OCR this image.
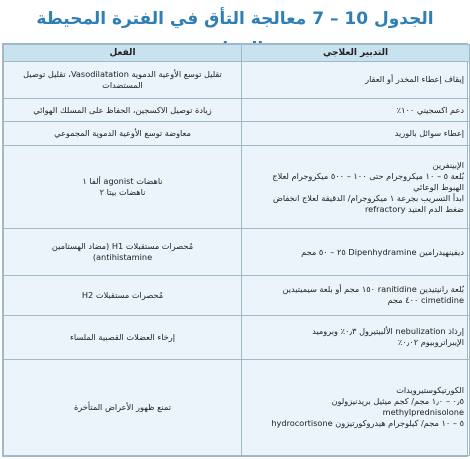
الجدول 10 – 7 معالجة التأق في الفترة المحيطة
التدبير العلاجي	الفعل

إيقاف إعطاء المخدر أو العقار	تقليل توسع الأوعية الدموية Vasodilatation، تقليل توصيل
المستضدات

دعم اكسجيني ١٠٠٪	زيادة توصيل الاكسجين، الحفاظ على المسلك الهوائي

إعطاء سوائل بالوريد	معاوضة توسع الأوعية الدموية المجموعي

الإبينفرين
بُلعة ٥ – ١٠ ميكروجرام حتى ١٠٠ – ٥٠٠ ميكروجرام لعلاج
الهبوط الوعائي
ابدأ التسريب بجرعة ١ ميكروجرام/ الدقيقة لعلاج انخفاض
ضغط الدم العنيد refractory	ناهضات agonist ألفا ١
ناهضات بيتا ٢

ديفينهيدرامين Dipenhydramine ٢٥ – ٥٠ مجم	مُحصرات مستقبلات H1 (مضاد الهستامين
antihistamine)

بُلعة رانيتيدين ranitidine ١٥٠ مجم أو بلعة سيميتيدين
cimetidine ٤٠٠ مجم	مُحصرات مستقبلات H2

إرذاذ nebulization الألبيتيرول ٠٫٣٪ وبروميد
الإيبراتروبيوم ٠٫٠٢٪	إرخاء العضلات القصبية الملساء

الكورتيكوستيرويدات
٠٫٥ – ١٫٠ مجم/ كجم ميثيل بريدنيزولون
methylprednisolone
٥ – ١٠ مجم/ كيلوجرام هيدروكورتيزون hydrocortisone	تمنع ظهور الأعراض المتأخرة
